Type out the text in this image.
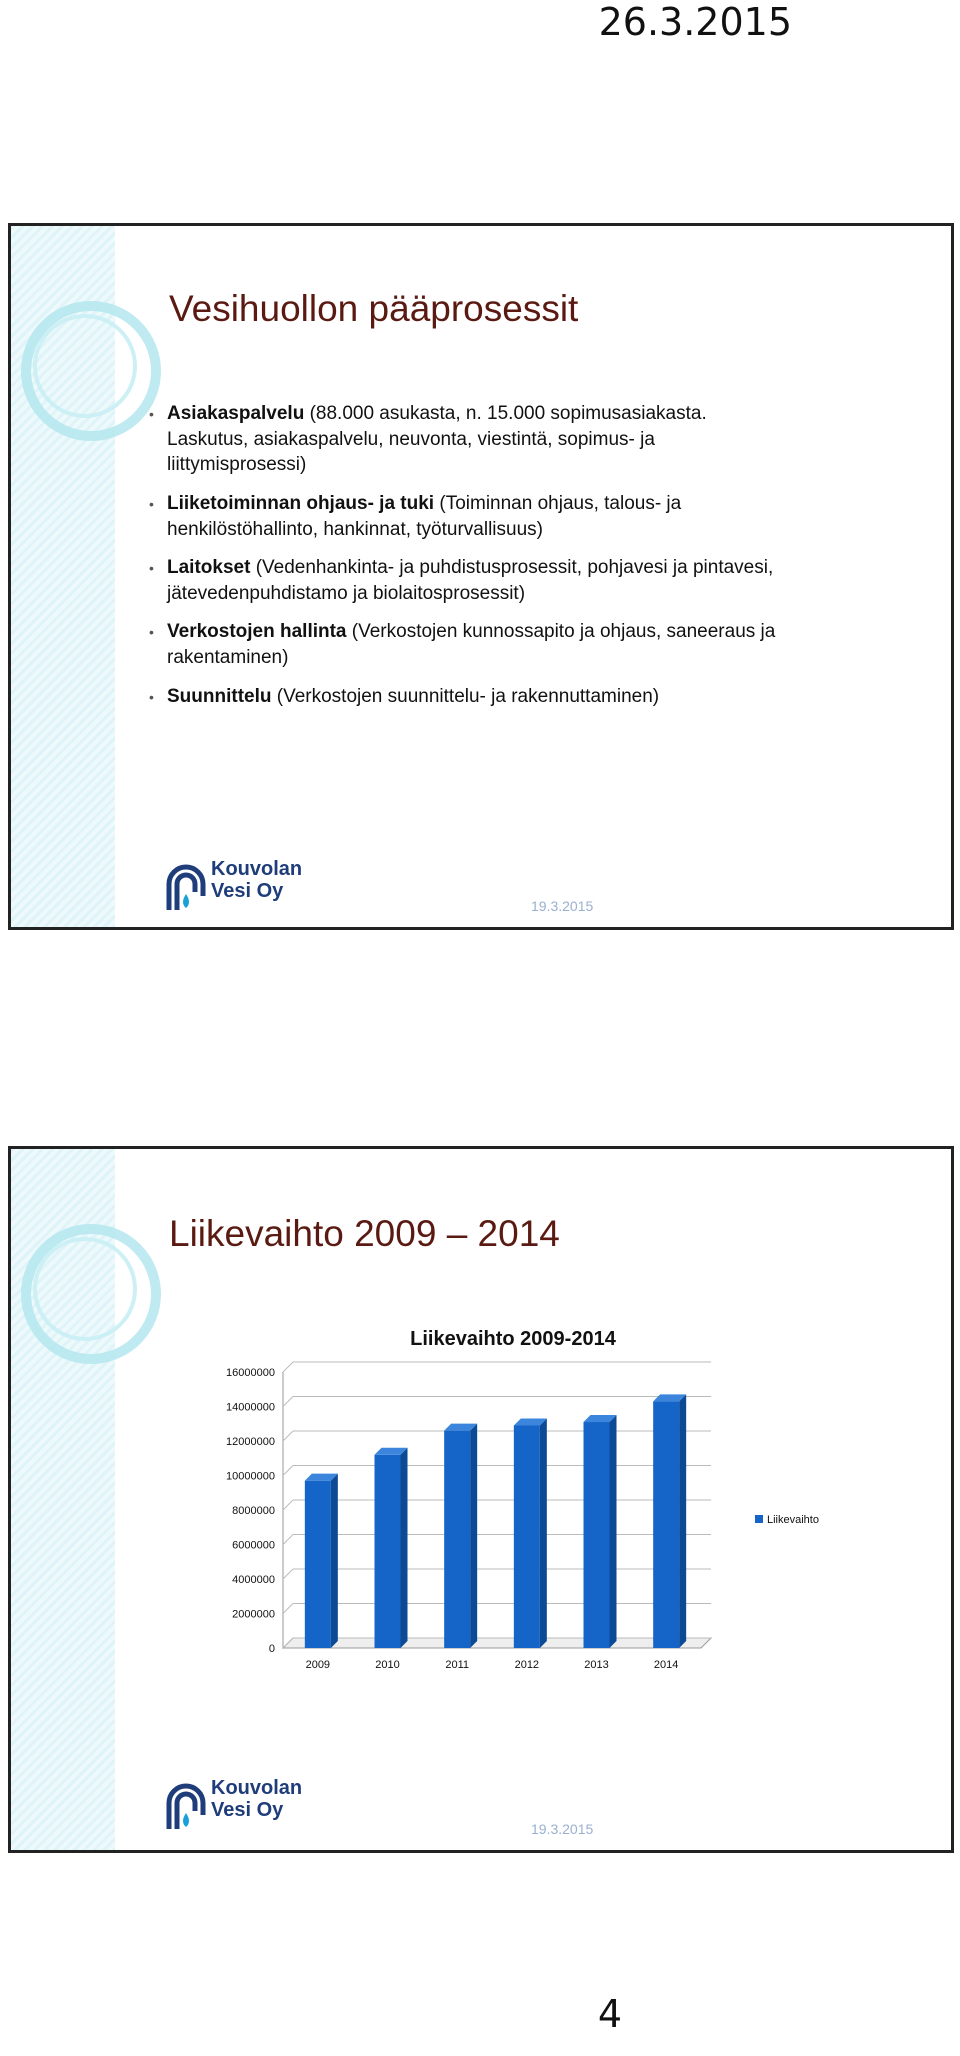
26.3.2015
Vesihuollon pääprosessit
• Asiakaspalvelu (88.000 asukasta, n. 15.000 sopimusasiakasta. Laskutus, asiakaspalvelu, neuvonta, viestintä, sopimus- ja liittymisprosessi)
• Liiketoiminnan ohjaus- ja tuki (Toiminnan ohjaus, talous- ja henkilöstöhallinto, hankinnat, työturvallisuus)
• Laitokset (Vedenhankinta- ja puhdistusprosessit, pohjavesi ja pintavesi, jätevedenpuhdistamo ja biolaitosprosessit)
• Verkostojen hallinta (Verkostojen kunnossapito ja ohjaus, saneeraus ja rakentaminen)
• Suunnittelu (Verkostojen suunnittelu- ja rakennuttaminen)
Kouvolan
Vesi Oy
19.3.2015
Liikevaihto 2009 – 2014
Liikevaihto 2009-2014
0
2000000
4000000
6000000
8000000
10000000
12000000
14000000
16000000
2009	2010	2011	2012	2013	2014
Liikevaihto
Kouvolan
Vesi Oy
19.3.2015
4
